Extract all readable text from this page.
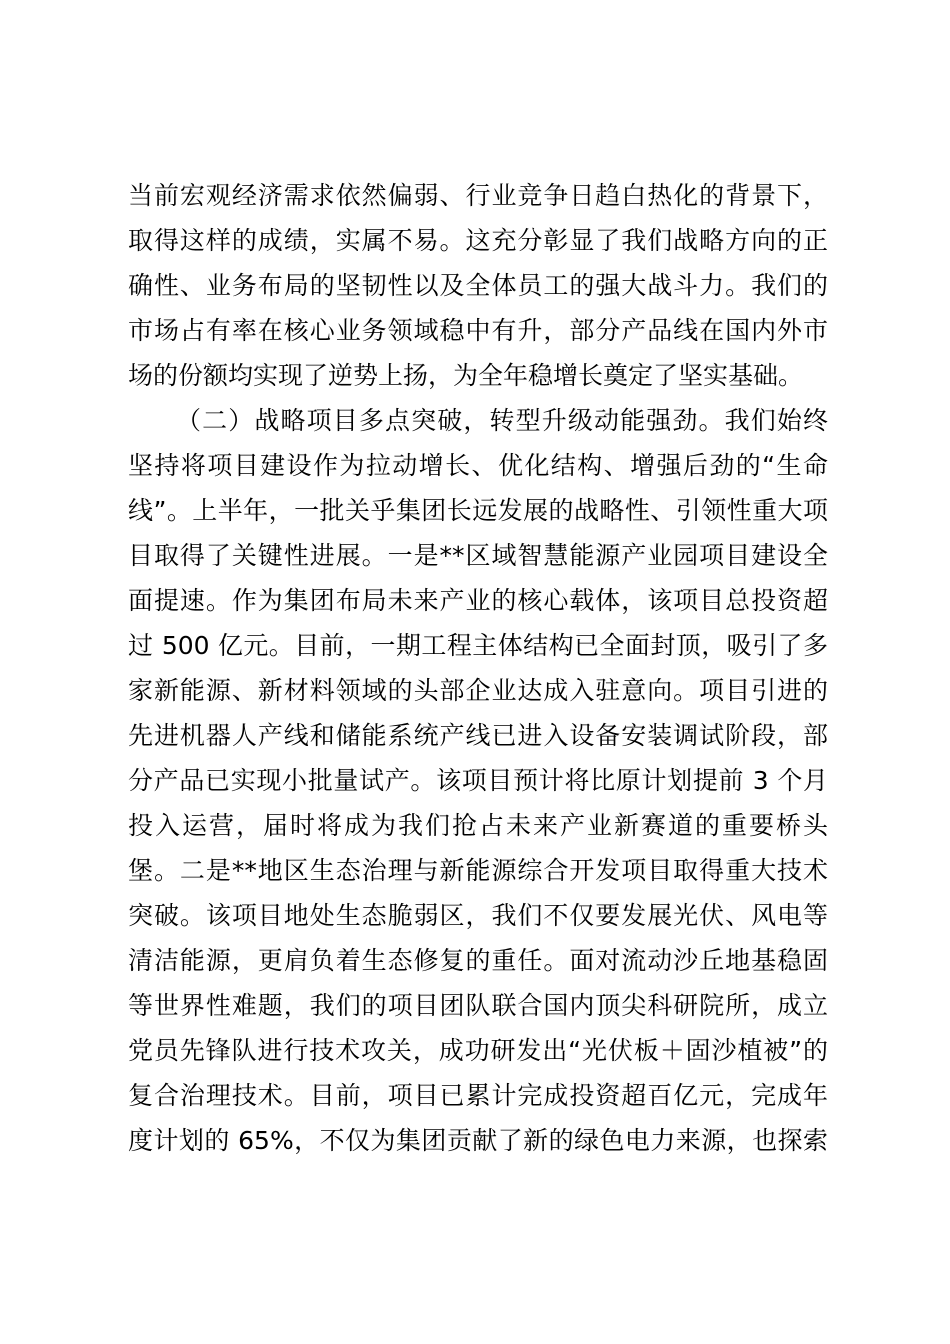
当前宏观经济需求依然偏弱、行业竞争日趋白热化的背景下，
取得这样的成绩，实属不易。这充分彰显了我们战略方向的正
确性、业务布局的坚韧性以及全体员工的强大战斗力。我们的
市场占有率在核心业务领域稳中有升，部分产品线在国内外市
场的份额均实现了逆势上扬，为全年稳增长奠定了坚实基础。
（二）战略项目多点突破，转型升级动能强劲。我们始终
坚持将项目建设作为拉动增长、优化结构、增强后劲的“生命
线”。上半年，一批关乎集团长远发展的战略性、引领性重大项
目取得了关键性进展。一是**区域智慧能源产业园项目建设全
面提速。作为集团布局未来产业的核心载体，该项目总投资超
过 500 亿元。目前，一期工程主体结构已全面封顶，吸引了多
家新能源、新材料领域的头部企业达成入驻意向。项目引进的
先进机器人产线和储能系统产线已进入设备安装调试阶段，部
分产品已实现小批量试产。该项目预计将比原计划提前 3 个月
投入运营，届时将成为我们抢占未来产业新赛道的重要桥头
堡。二是**地区生态治理与新能源综合开发项目取得重大技术
突破。该项目地处生态脆弱区，我们不仅要发展光伏、风电等
清洁能源，更肩负着生态修复的重任。面对流动沙丘地基稳固
等世界性难题，我们的项目团队联合国内顶尖科研院所，成立
党员先锋队进行技术攻关，成功研发出“光伏板＋固沙植被”的
复合治理技术。目前，项目已累计完成投资超百亿元，完成年
度计划的 65%，不仅为集团贡献了新的绿色电力来源，也探索
